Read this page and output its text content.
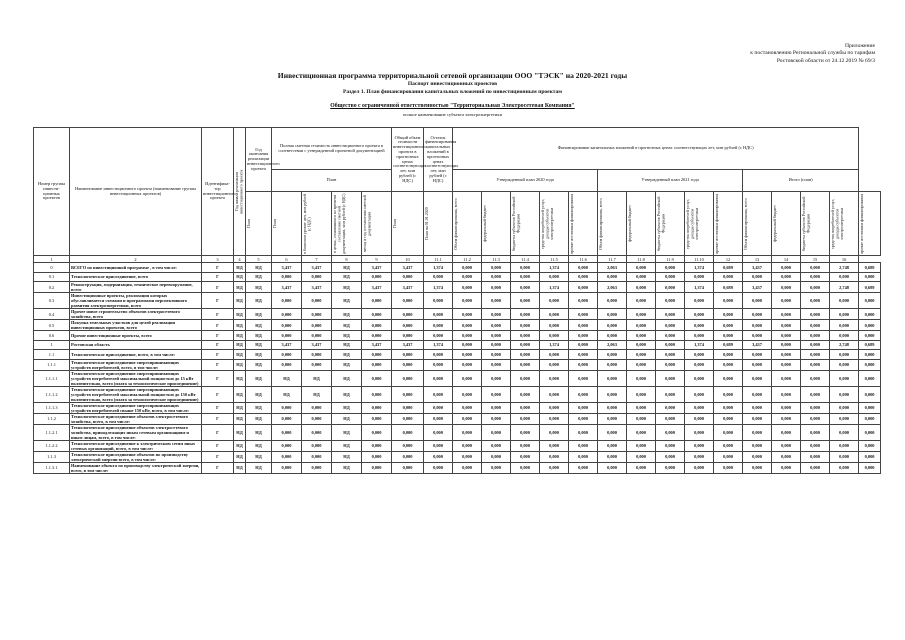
Приложение
к постановлению Региональной службы по тарифам
Ростовской области от 24.12.2019 № 69/3
Инвестиционная программа территориальной сетевой организации ООО "ТЭСК" на 2020-2021 годы
Паспорт инвестиционных проектов
Раздел 1. План финансирования капитальных вложений по инвестиционным проектам
Общество с ограниченной ответственностью "Территориальная Электросетевая Компания"
полное наименование субъекта электроэнергетики
Номер группы инвести-ционных проектов	Наименование инвестиционного проекта (наименование группы инвестиционных проектов)	Идентифика-тор инвестиционного проекта	Год начала реализации инвестиционного проекта	Год окончания реализации инвестиционного проекта	Полная сметная стоимость инвестиционного проекта в соответствии с утвержденной проектной документацией				Общий объем стоимости инвестиционного проекта в прогнозных ценах соответствующих лет, млн рублей (с НДС)	Остаток финансирования капитальных вложений в прогнозных ценах соответствующих лет, млн рублей (с НДС)	Финансирование капитальных вложений в прогнозных ценах соответствующих лет, млн рублей (с НДС)														
					План						Утвержденный план 2020 года					Утвержденный план 2021 года					Итого (план)				

				План	План	в базисном уровне цен, млн рублей (с НДС)	в ценах, сложившихся ко времени составления сметной документации, млн рублей (с НДС)	месяц и год составления сметной документации	План	План на 01.01.2020	Объем финансирования, всего	федеральный бюджет	бюджеты субъектов Российской Федерации	средства потребителей услуг, доходы субъектов электроэнергетики	прочие источники финансирования	Объем финансирования, всего	федеральный бюджет	бюджеты субъектов Российской Федерации	средства потребителей услуг, доходы субъектов электроэнергетики	прочие источники финансирования	Объем финансирования, всего	федеральный бюджет	бюджеты субъектов Российской Федерации	средства потребителей услуг, доходы субъектов электроэнергетики	прочие источники финансирования

1	2	3	4	5	6	7	8	9	10	11.1	11.2	11.3	11.4	11.5	11.6	11.7	11.8	11.9	11.10	12	13	14	15	16	
0	ВСЕГО по инвестиционной программе , в том числе:	Г	НД	НД	3,437	3,437	НД	3,437	3,437	1,374	0,000	0,000	0,000	1,374	0,000	2,063	0,000	0,000	1,374	0,689	3,437	0,000	0,000	2,748	0,689
0.1	Технологическое присоединение, всего	Г	НД	НД	0,000	0,000	НД	0,000	0,000	0,000	0,000	0,000	0,000	0,000	0,000	0,000	0,000	0,000	0,000	0,000	0,000	0,000	0,000	0,000	0,000
0.2	Реконструкция, модернизация, техническое перевооружение, всего	Г	НД	НД	3,437	3,437	НД	3,437	3,437	1,374	0,000	0,000	0,000	1,374	0,000	2,063	0,000	0,000	1,374	0,689	3,437	0,000	0,000	2,748	0,689
0.3	Инвестиционные проекты, реализация которых обуславливается схемами и программами перспективного развития электроэнергетики, всего	Г	НД	НД	0,000	0,000	НД	0,000	0,000	0,000	0,000	0,000	0,000	0,000	0,000	0,000	0,000	0,000	0,000	0,000	0,000	0,000	0,000	0,000	0,000
0.4	Прочее новое строительство объектов электросетевого хозяйства, всего	Г	НД	НД	0,000	0,000	НД	0,000	0,000	0,000	0,000	0,000	0,000	0,000	0,000	0,000	0,000	0,000	0,000	0,000	0,000	0,000	0,000	0,000	0,000
0.5	Покупка земельных участков для целей реализации инвестиционных проектов, всего	Г	НД	НД	0,000	0,000	НД	0,000	0,000	0,000	0,000	0,000	0,000	0,000	0,000	0,000	0,000	0,000	0,000	0,000	0,000	0,000	0,000	0,000	0,000
0.6	Прочие инвестиционные проекты, всего	Г	НД	НД	0,000	0,000	НД	0,000	0,000	0,000	0,000	0,000	0,000	0,000	0,000	0,000	0,000	0,000	0,000	0,000	0,000	0,000	0,000	0,000	0,000
1	Ростовская область	Г	НД	НД	3,437	3,437	НД	3,437	3,437	1,374	0,000	0,000	0,000	1,374	0,000	2,063	0,000	0,000	1,374	0,689	3,437	0,000	0,000	2,748	0,689
1.1	Технологическое присоединение, всего, в том числе:	Г	НД	НД	0,000	0,000	НД	0,000	0,000	0,000	0,000	0,000	0,000	0,000	0,000	0,000	0,000	0,000	0,000	0,000	0,000	0,000	0,000	0,000	0,000
1.1.1	Технологическое присоединение энергопринимающих устройств потребителей, всего, в том числе:	Г	НД	НД	0,000	0,000	НД	0,000	0,000	0,000	0,000	0,000	0,000	0,000	0,000	0,000	0,000	0,000	0,000	0,000	0,000	0,000	0,000	0,000	0,000
1.1.1.1	Технологическое присоединение энергопринимающих устройств потребителей максимальной мощностью до 15 кВт включительно, всего (плата за технологическое присоединение)	Г	НД	НД	НД	НД	НД	0,000	0,000	0,000	0,000	0,000	0,000	0,000	0,000	0,000	0,000	0,000	0,000	0,000	0,000	0,000	0,000	0,000	0,000
1.1.1.2	Технологическое присоединение энергопринимающих устройств потребителей максимальной мощностью до 150 кВт включительно, всего (плата за технологическое присоединение)	Г	НД	НД	НД	НД	НД	0,000	0,000	0,000	0,000	0,000	0,000	0,000	0,000	0,000	0,000	0,000	0,000	0,000	0,000	0,000	0,000	0,000	0,000
1.1.1.3	Технологическое присоединение энергопринимающих устройств потребителей свыше 150 кВт, всего, в том числе:	Г	НД	НД	0,000	0,000	НД	0,000	0,000	0,000	0,000	0,000	0,000	0,000	0,000	0,000	0,000	0,000	0,000	0,000	0,000	0,000	0,000	0,000	0,000
1.1.2	Технологическое присоединение объектов электросетевого хозяйства, всего, в том числе:	Г	НД	НД	0,000	0,000	НД	0,000	0,000	0,000	0,000	0,000	0,000	0,000	0,000	0,000	0,000	0,000	0,000	0,000	0,000	0,000	0,000	0,000	0,000
1.1.2.1	Технологическое присоединение объектов электросетевого хозяйства, принадлежащих иным сетевым организациям и иным лицам, всего, в том числе:	Г	НД	НД	0,000	0,000	НД	0,000	0,000	0,000	0,000	0,000	0,000	0,000	0,000	0,000	0,000	0,000	0,000	0,000	0,000	0,000	0,000	0,000	0,000
1.1.2.2	Технологическое присоединение к электрическим сетям иных сетевых организаций, всего, в том числе:	Г	НД	НД	0,000	0,000	НД	0,000	0,000	0,000	0,000	0,000	0,000	0,000	0,000	0,000	0,000	0,000	0,000	0,000	0,000	0,000	0,000	0,000	0,000
1.1.3	Технологическое присоединение объектов по производству электрической энергии всего, в том числе:	Г	НД	НД	0,000	0,000	НД	0,000	0,000	0,000	0,000	0,000	0,000	0,000	0,000	0,000	0,000	0,000	0,000	0,000	0,000	0,000	0,000	0,000	0,000
1.1.3.1	Наименование объекта по производству электрической энергии, всего, в том числе:	Г	НД	НД	0,000	0,000	НД	0,000	0,000	0,000	0,000	0,000	0,000	0,000	0,000	0,000	0,000	0,000	0,000	0,000	0,000	0,000	0,000	0,000	0,000
